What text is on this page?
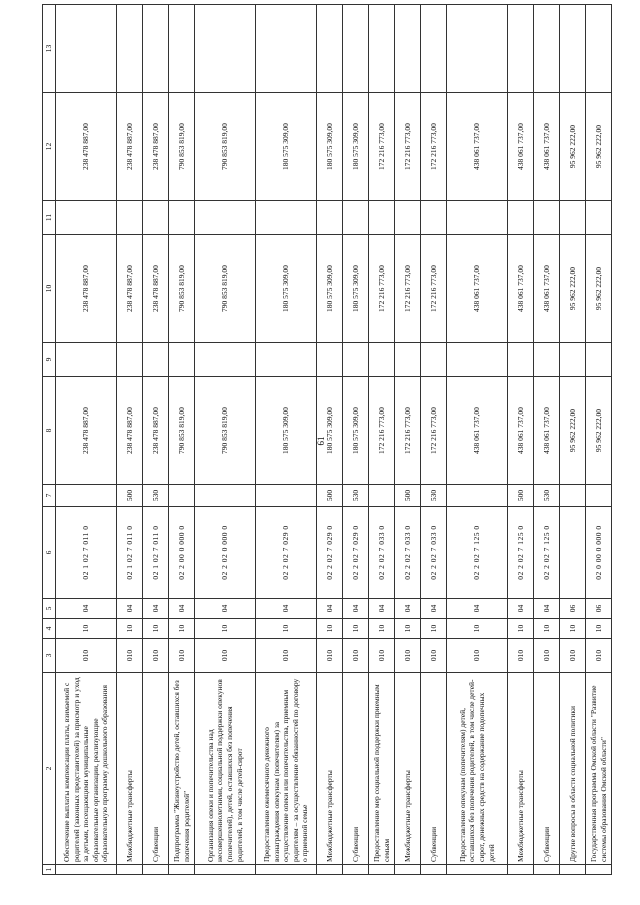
61
1	2	3	4	5	6	7	8	9	10	11	12	13
	Обеспечение выплаты компенсации платы, взимаемой с родителей (законных представителей) за присмотр и уход за детьми, посещающими муниципальные образовательные организации, реализующие образовательную программу дошкольного образования	010	10	04	02 1 02 7 011 0		238 478 887,00		238 478 887,00		238 478 887,00	
	Межбюджетные трансферты	010	10	04	02 1 02 7 011 0	500	238 478 887,00		238 478 887,00		238 478 887,00	
	Субвенции	010	10	04	02 1 02 7 011 0	530	238 478 887,00		238 478 887,00		238 478 887,00	
	Подпрограмма "Жизнеустройство детей, оставшихся без попечения родителей"	010	10	04	02 2 00 0 000 0		790 853 819,00		790 853 819,00		790 853 819,00	
	Организация опеки и попечительства над несовершеннолетними, социальной поддержки опекунов (попечителей), детей, оставшихся без попечения родителей, в том числе детей-сирот	010	10	04	02 2 02 0 000 0		790 853 819,00		790 853 819,00		790 853 819,00	
	Предоставление ежемесячного денежного вознаграждения опекунам (попечителям) за осуществление опеки или попечительства, приемным родителям – за осуществление обязанностей по договору о приемной семье	010	10	04	02 2 02 7 029 0		180 575 309,00		180 575 309,00		180 575 309,00	
	Межбюджетные трансферты	010	10	04	02 2 02 7 029 0	500	180 575 309,00		180 575 309,00		180 575 309,00	
	Субвенции	010	10	04	02 2 02 7 029 0	530	180 575 309,00		180 575 309,00		180 575 309,00	
	Предоставление мер социальной поддержки приемным семьям	010	10	04	02 2 02 7 033 0		172 216 773,00		172 216 773,00		172 216 773,00	
	Межбюджетные трансферты	010	10	04	02 2 02 7 033 0	500	172 216 773,00		172 216 773,00		172 216 773,00	
	Субвенции	010	10	04	02 2 02 7 033 0	530	172 216 773,00		172 216 773,00		172 216 773,00	
	Предоставление опекунам (попечителям) детей, оставшихся без попечения родителей, в том числе детей-сирот, денежных средств на содержание подопечных детей	010	10	04	02 2 02 7 125 0		438 061 737,00		438 061 737,00		438 061 737,00	
	Межбюджетные трансферты	010	10	04	02 2 02 7 125 0	500	438 061 737,00		438 061 737,00		438 061 737,00	
	Субвенции	010	10	04	02 2 02 7 125 0	530	438 061 737,00		438 061 737,00		438 061 737,00	
	Другие вопросы в области социальной политики	010	10	06			95 962 222,00		95 962 222,00		95 962 222,00	
	Государственная программа Омской области "Развитие системы образования Омской области"	010	10	06	02 0 00 0 000 0		95 962 222,00		95 962 222,00		95 962 222,00	
